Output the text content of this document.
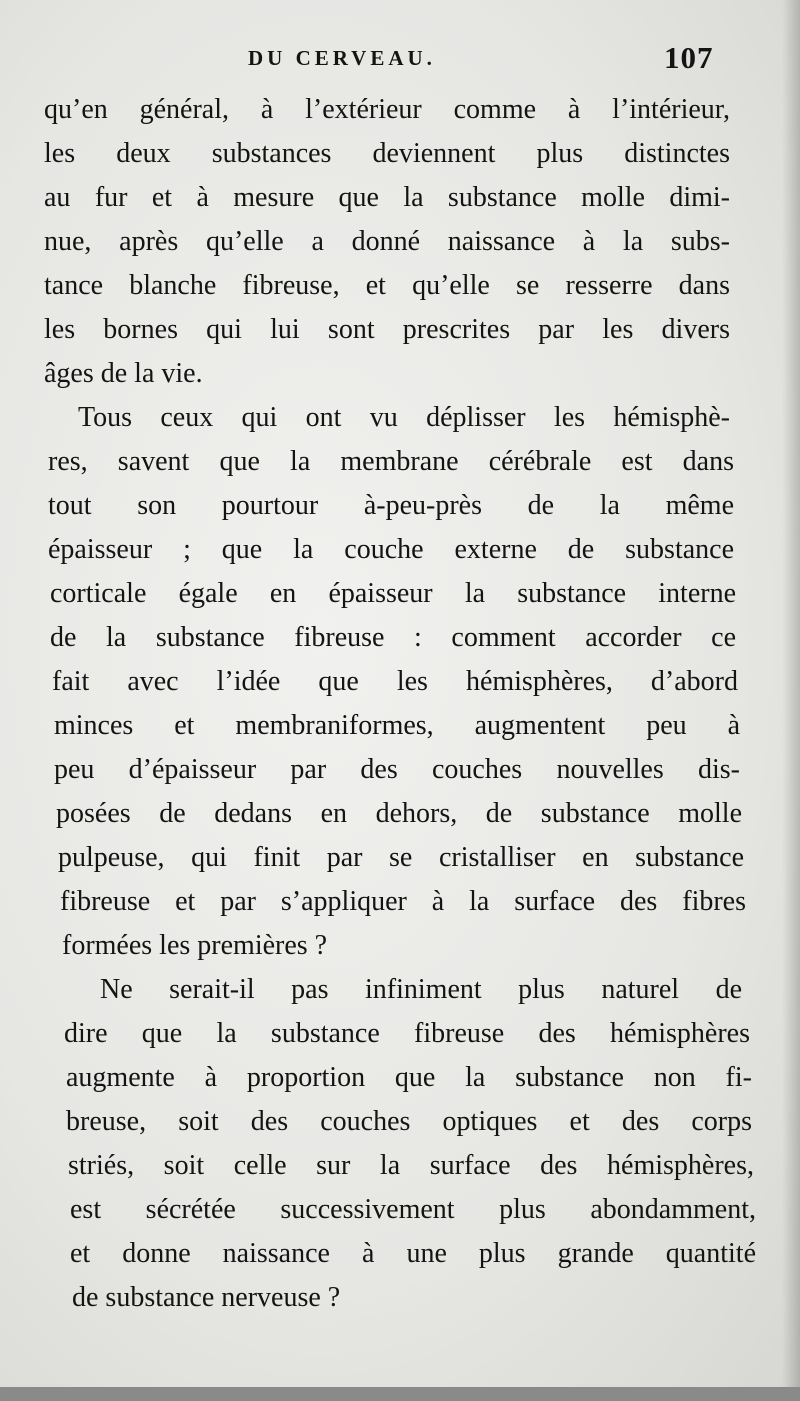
DU CERVEAU.	107
qu’en général, à l’extérieur comme à l’intérieur,
les deux substances deviennent plus distinctes
au fur et à mesure que la substance molle dimi-
nue, après qu’elle a donné naissance à la subs-
tance blanche fibreuse, et qu’elle se resserre dans
les bornes qui lui sont prescrites par les divers
âges de la vie.
Tous ceux qui ont vu déplisser les hémisphè-
res, savent que la membrane cérébrale est dans
tout son pourtour à-peu-près de la même
épaisseur ; que la couche externe de substance
corticale égale en épaisseur la substance interne
de la substance fibreuse : comment accorder ce
fait avec l’idée que les hémisphères, d’abord
minces et membraniformes, augmentent peu à
peu d’épaisseur par des couches nouvelles dis-
posées de dedans en dehors, de substance molle
pulpeuse, qui finit par se cristalliser en substance
fibreuse et par s’appliquer à la surface des fibres
formées les premières ?
Ne serait-il pas infiniment plus naturel de
dire que la substance fibreuse des hémisphères
augmente à proportion que la substance non fi-
breuse, soit des couches optiques et des corps
striés, soit celle sur la surface des hémisphères,
est sécrétée successivement plus abondamment,
et donne naissance à une plus grande quantité
de substance nerveuse ?
